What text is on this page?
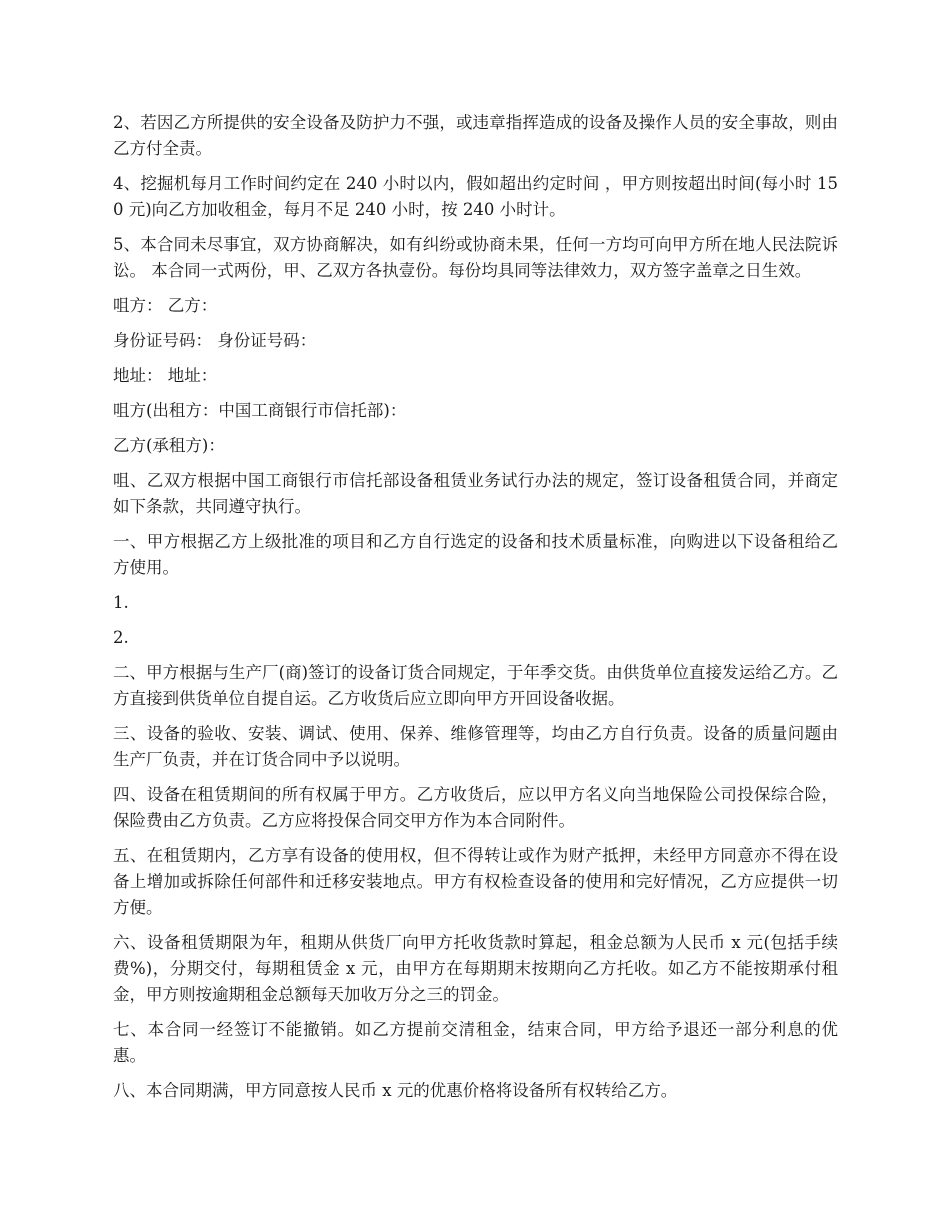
2、若因乙方所提供的安全设备及防护力不强，或违章指挥造成的设备及操作人员的安全事故，则由乙方付全责。

4、挖掘机每月工作时间约定在 240 小时以内，假如超出约定时间 ，甲方则按超出时间(每小时 150 元)向乙方加收租金，每月不足 240 小时，按 240 小时计。

5、本合同未尽事宜，双方协商解决，如有纠纷或协商未果，任何一方均可向甲方所在地人民法院诉讼。 本合同一式两份，甲、乙双方各执壹份。每份均具同等法律效力，双方签字盖章之日生效。

咀方： 乙方：

身份证号码： 身份证号码：

地址： 地址：

咀方(出租方：中国工商银行市信托部)：

乙方(承租方)：

咀、乙双方根据中国工商银行市信托部设备租赁业务试行办法的规定，签订设备租赁合同，并商定如下条款，共同遵守执行。

一、甲方根据乙方上级批准的项目和乙方自行选定的设备和技术质量标准，向购进以下设备租给乙方使用。

1.

2.

二、甲方根据与生产厂(商)签订的设备订货合同规定，于年季交货。由供货单位直接发运给乙方。乙方直接到供货单位自提自运。乙方收货后应立即向甲方开回设备收据。

三、设备的验收、安装、调试、使用、保养、维修管理等，均由乙方自行负责。设备的质量问题由生产厂负责，并在订货合同中予以说明。

四、设备在租赁期间的所有权属于甲方。乙方收货后，应以甲方名义向当地保险公司投保综合险，保险费由乙方负责。乙方应将投保合同交甲方作为本合同附件。

五、在租赁期内，乙方享有设备的使用权，但不得转让或作为财产抵押，未经甲方同意亦不得在设备上增加或拆除任何部件和迁移安装地点。甲方有权检查设备的使用和完好情况，乙方应提供一切方便。

六、设备租赁期限为年，租期从供货厂向甲方托收货款时算起，租金总额为人民币 x 元(包括手续费%)，分期交付，每期租赁金 x 元，由甲方在每期期末按期向乙方托收。如乙方不能按期承付租金，甲方则按逾期租金总额每天加收万分之三的罚金。

七、本合同一经签订不能撤销。如乙方提前交清租金，结束合同，甲方给予退还一部分利息的优惠。

八、本合同期满，甲方同意按人民币 x 元的优惠价格将设备所有权转给乙方。
